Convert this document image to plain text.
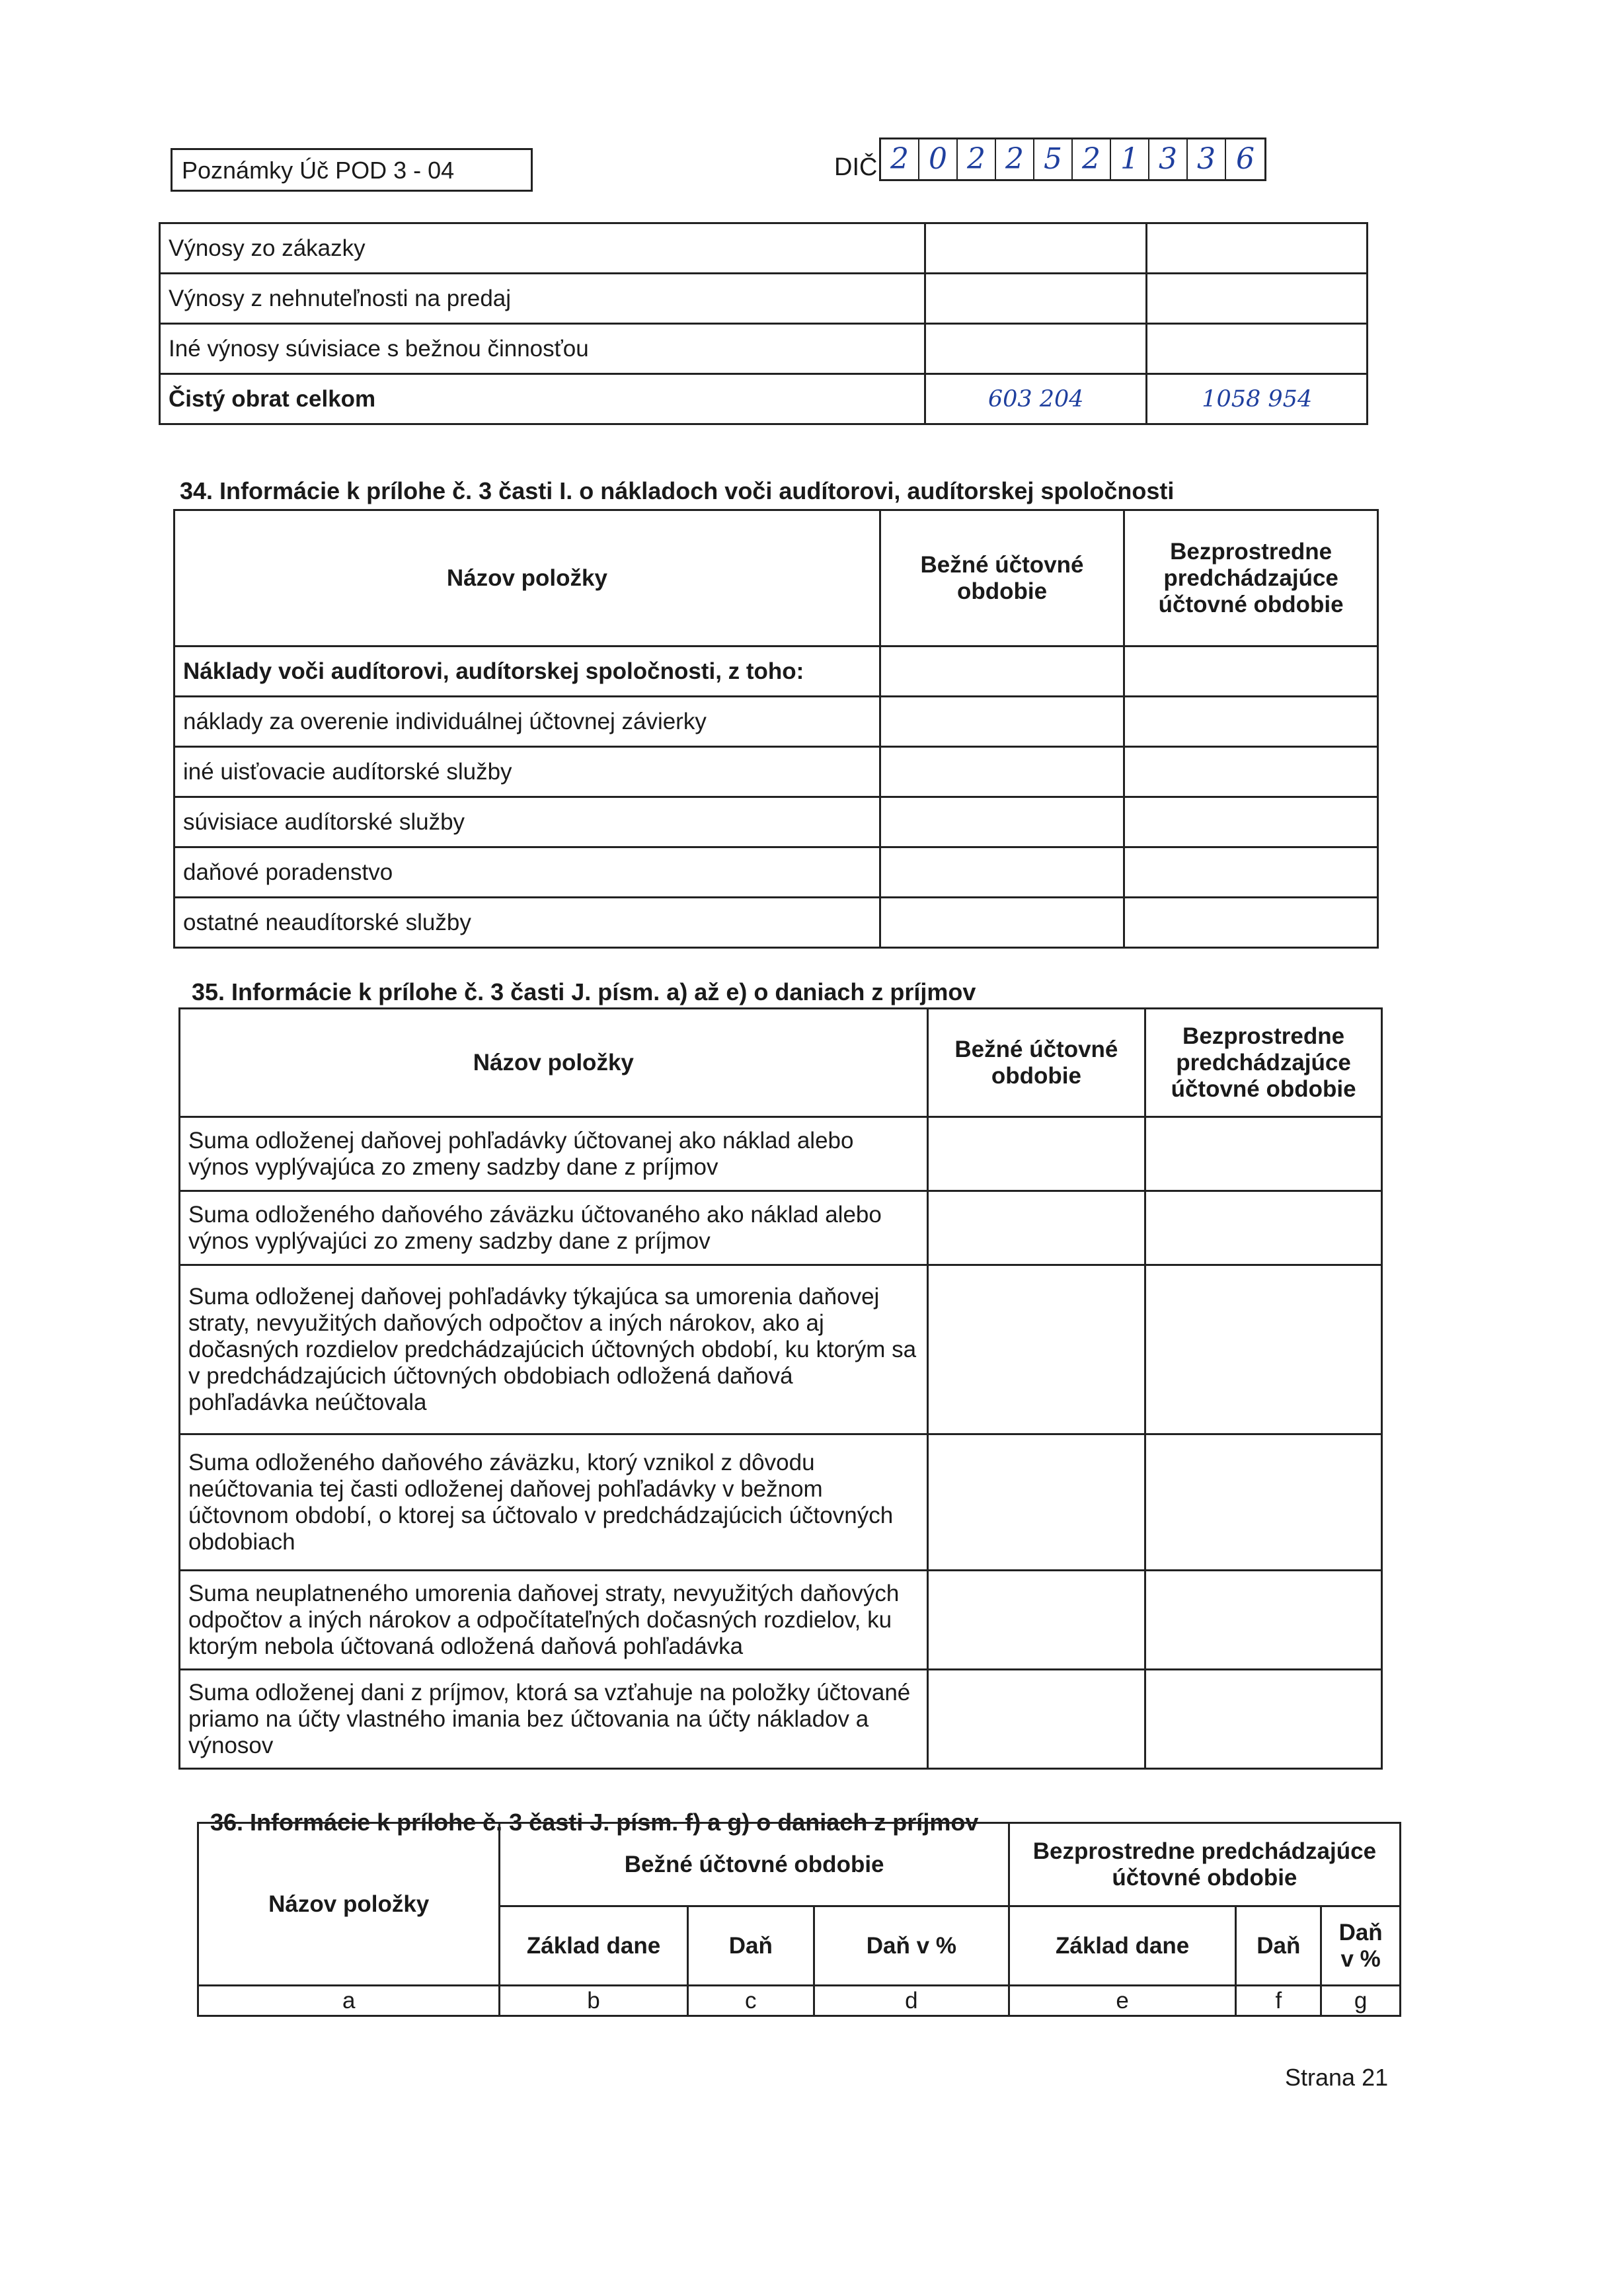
Poznámky Úč POD 3 - 04	DIČ 2 0 2 2 5 2 1 3 3 6
Výnosy zo zákazky		
Výnosy z nehnuteľnosti na predaj		
Iné výnosy súvisiace s bežnou činnosťou		
Čistý obrat celkom	603 204	1058 954
34. Informácie k prílohe č. 3 časti I. o nákladoch voči audítorovi, audítorskej spoločnosti
Názov položky	Bežné účtovné obdobie	Bezprostredne predchádzajúce účtovné obdobie
Náklady voči audítorovi, audítorskej spoločnosti, z toho:		
náklady za overenie individuálnej účtovnej závierky		
iné uisťovacie audítorské služby		
súvisiace audítorské služby		
daňové poradenstvo		
ostatné neaudítorské služby		
35. Informácie k prílohe č. 3 časti J. písm. a) až e) o daniach z príjmov
Názov položky	Bežné účtovné obdobie	Bezprostredne predchádzajúce účtovné obdobie
Suma odloženej daňovej pohľadávky účtovanej ako náklad alebo výnos vyplývajúca zo zmeny sadzby dane z príjmov		
Suma odloženého daňového záväzku účtovaného ako náklad alebo výnos vyplývajúci zo zmeny sadzby dane z príjmov		
Suma odloženej daňovej pohľadávky týkajúca sa umorenia daňovej straty, nevyužitých daňových odpočtov a iných nárokov, ako aj dočasných rozdielov predchádzajúcich účtovných období, ku ktorým sa v predchádzajúcich účtovných obdobiach odložená daňová pohľadávka neúčtovala		
Suma odloženého daňového záväzku, ktorý vznikol z dôvodu neúčtovania tej časti odloženej daňovej pohľadávky v bežnom účtovnom období, o ktorej sa účtovalo v predchádzajúcich účtovných obdobiach		
Suma neuplatneného umorenia daňovej straty, nevyužitých daňových odpočtov a iných nárokov a odpočítateľných dočasných rozdielov, ku ktorým nebola účtovaná odložená daňová pohľadávka		
Suma odloženej dani z príjmov, ktorá sa vzťahuje na položky účtované priamo na účty vlastného imania bez účtovania na účty nákladov a výnosov		
36. Informácie k prílohe č. 3 časti J. písm. f) a g) o daniach z príjmov
Názov položky	Bežné účtovné obdobie			Bezprostredne predchádzajúce účtovné obdobie		
	Základ dane	Daň	Daň v %	Základ dane	Daň	Daň v %
a	b	c	d	e	f	g
Strana 21
